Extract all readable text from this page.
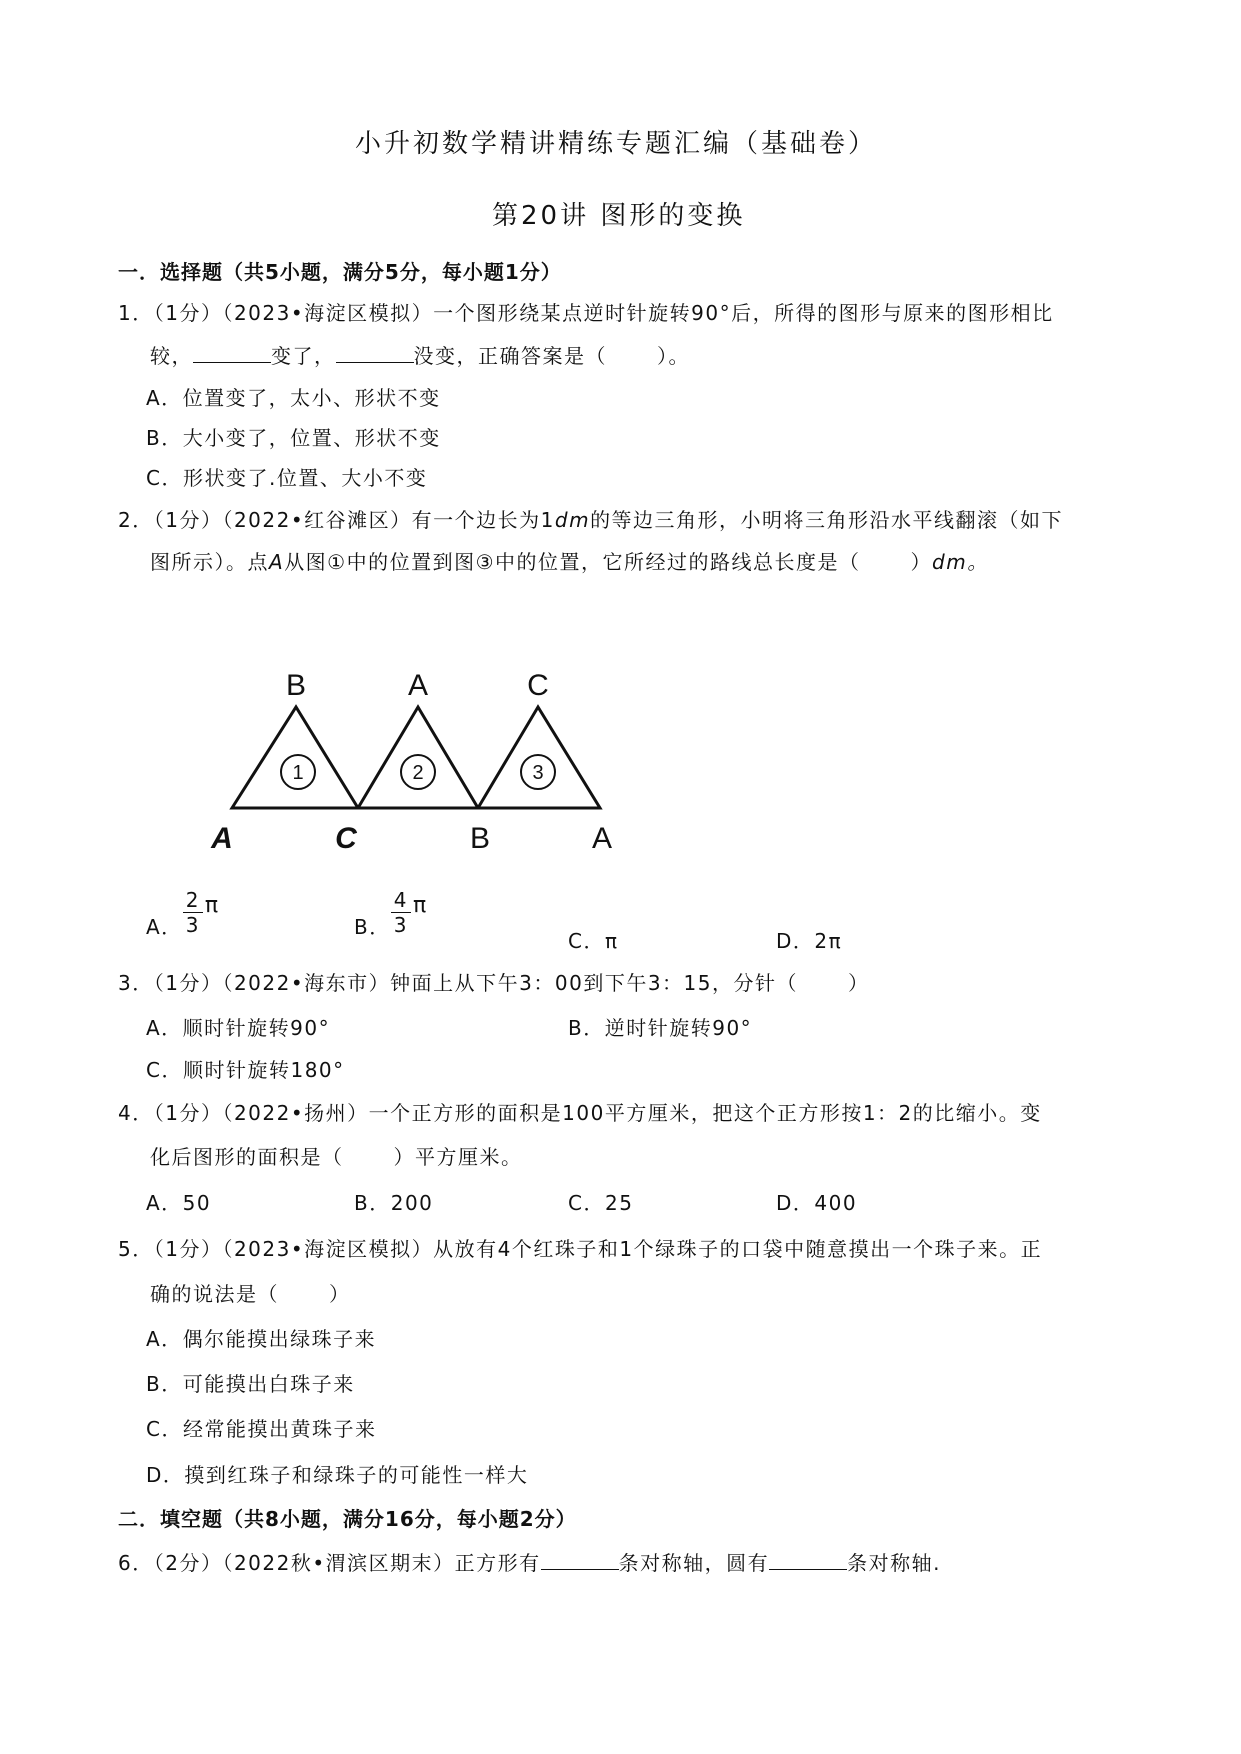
小升初数学精讲精练专题汇编（基础卷）
第20讲 图形的变换
一．选择题（共5小题，满分5分，每小题1分）
1．（1分）（2023•海淀区模拟）一个图形绕某点逆时针旋转90°后，所得的图形与原来的图形相比
较，	变了，	没变，正确答案是（	）。
A．位置变了，太小、形状不变
B．大小变了，位置、形状不变
C．形状变了.位置、大小不变
2．（1分）（2022•红谷滩区）有一个边长为1dm的等边三角形，小明将三角形沿水平线翻滚（如下
图所示）。点A从图①中的位置到图③中的位置，它所经过的路线总长度是（	）dm。
1	2	3
B	A	C
A	C	B	A
A． $\frac{2}{3}$ π
B． $\frac{4}{3}$ π
C．π	D．2π
3．（1分）（2022•海东市）钟面上从下午3：00到下午3：15，分针（	）
A．顺时针旋转90°	B．逆时针旋转90°
C．顺时针旋转180°
4．（1分）（2022•扬州）一个正方形的面积是100平方厘米，把这个正方形按1：2的比缩小。变
化后图形的面积是（	）平方厘米。
A．50	B．200	C．25	D．400
5．（1分）（2023•海淀区模拟）从放有4个红珠子和1个绿珠子的口袋中随意摸出一个珠子来。正
确的说法是（	）
A．偶尔能摸出绿珠子来
B．可能摸出白珠子来
C．经常能摸出黄珠子来
D．摸到红珠子和绿珠子的可能性一样大
二．填空题（共8小题，满分16分，每小题2分）
6．（2分）（2022秋•渭滨区期末）正方形有	条对称轴，圆有	条对称轴.
